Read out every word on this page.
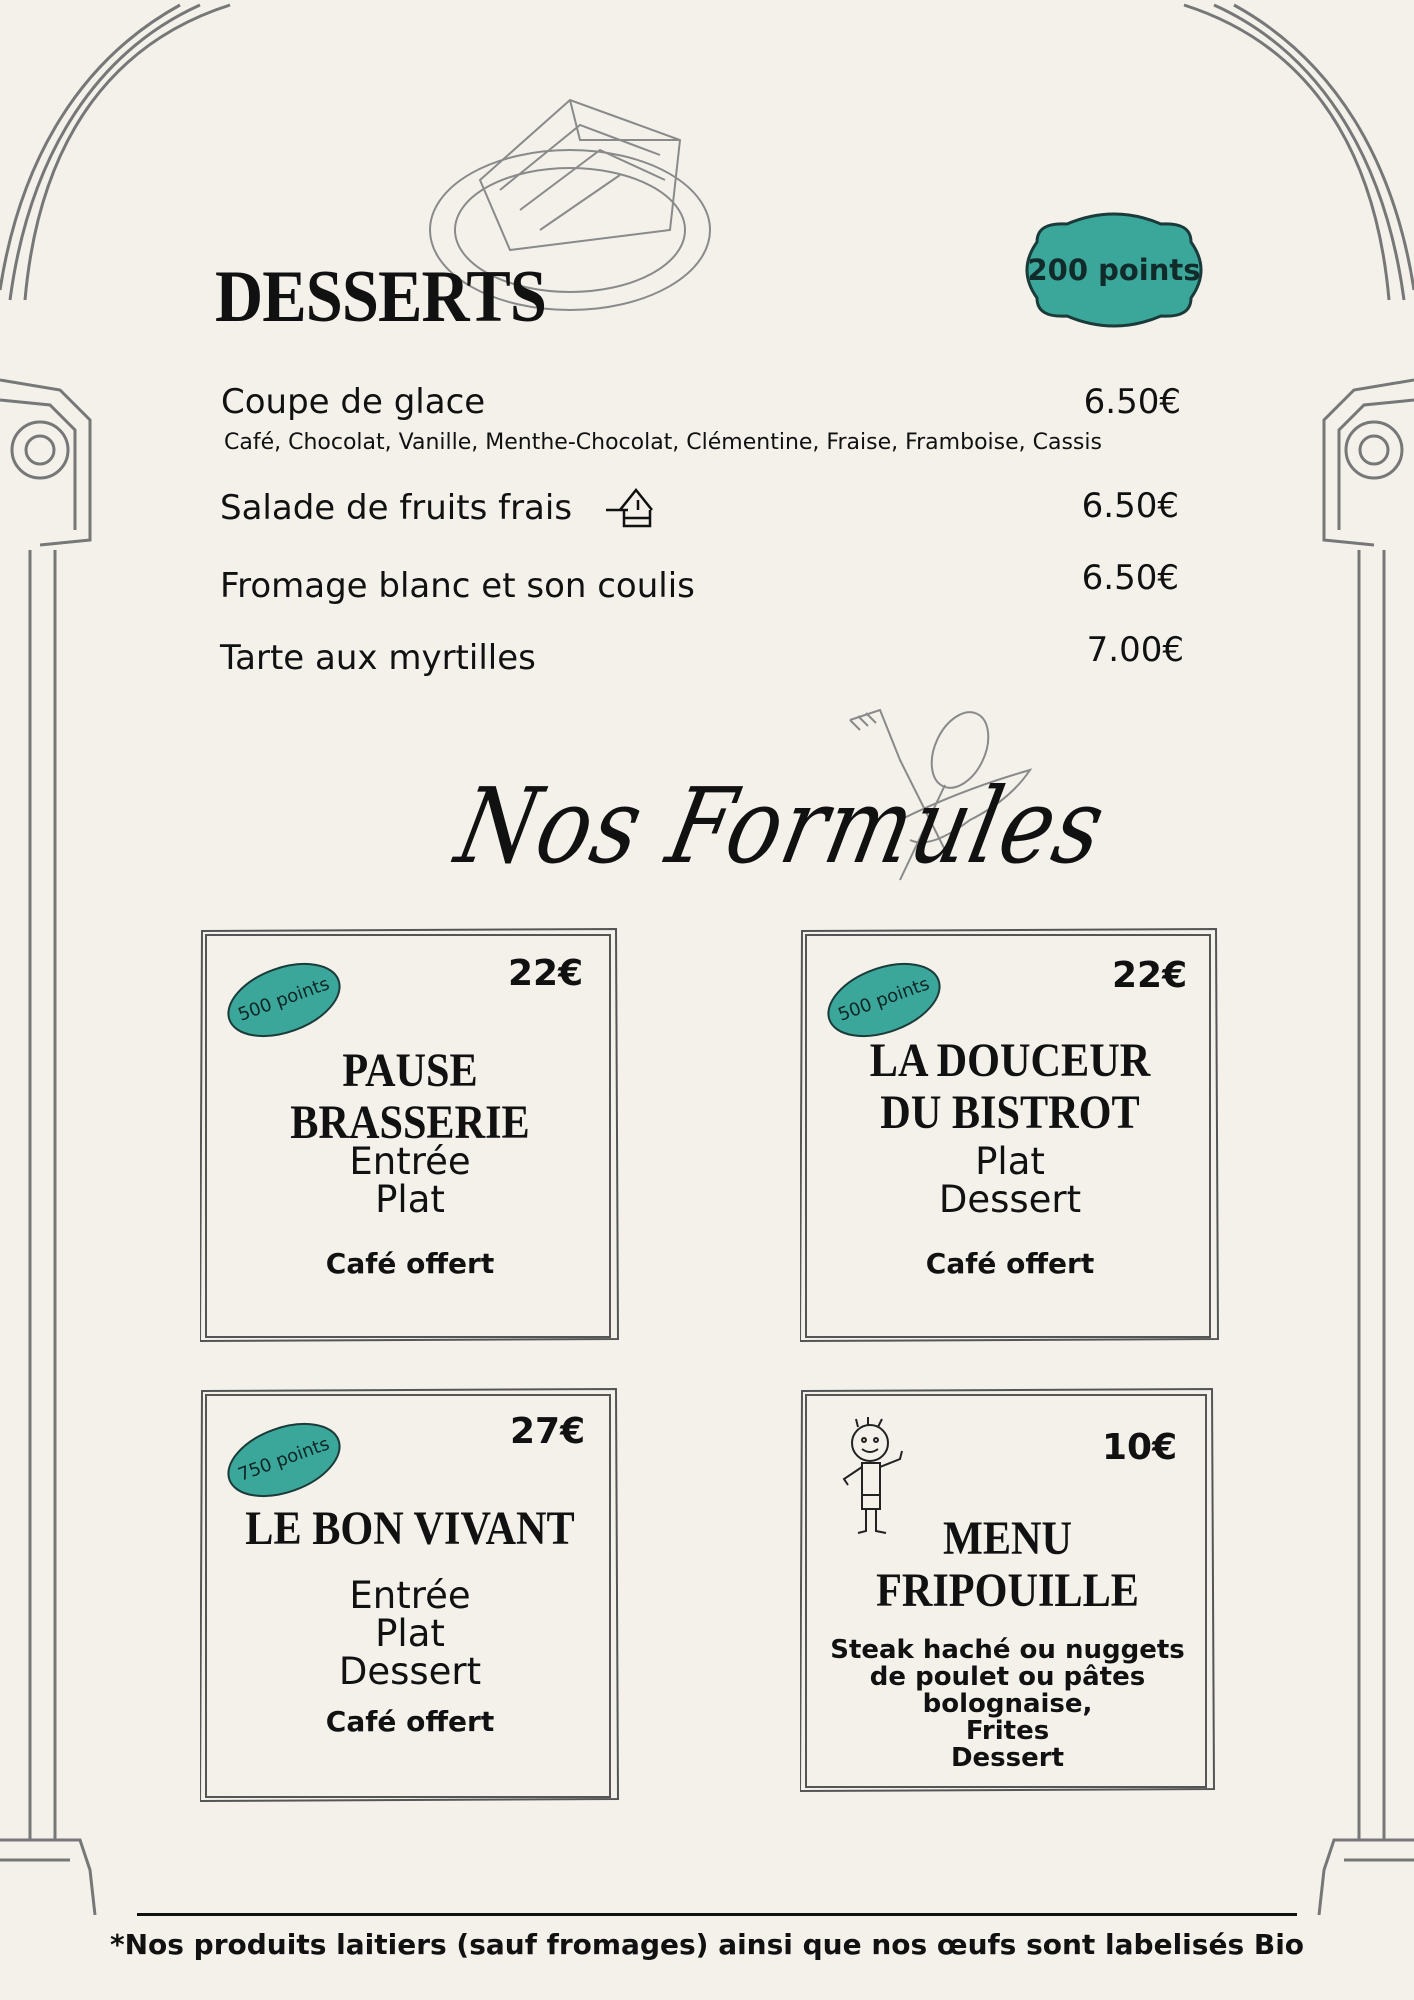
DESSERTS	200 points
Coupe de glace	6.50€
Café, Chocolat, Vanille, Menthe-Chocolat, Clémentine, Fraise, Framboise, Cassis
Salade de fruits frais	6.50€
Fromage blanc et son coulis	6.50€
Tarte aux myrtilles	7.00€
Nos Formules
500 points	22€
PAUSE BRASSERIE
Entrée
Plat
Café offert
500 points	22€
LA DOUCEUR
DU BISTROT
Plat
Dessert
Café offert
750 points
27€
LE BON VIVANT
Entrée
Plat
Dessert
Café offert
10€
MENU
FRIPOUILLE
Steak haché ou nuggets
de poulet ou pâtes
bolognaise,
Frites
Dessert
*Nos produits laitiers (sauf fromages) ainsi que nos œufs sont labelisés Bio
